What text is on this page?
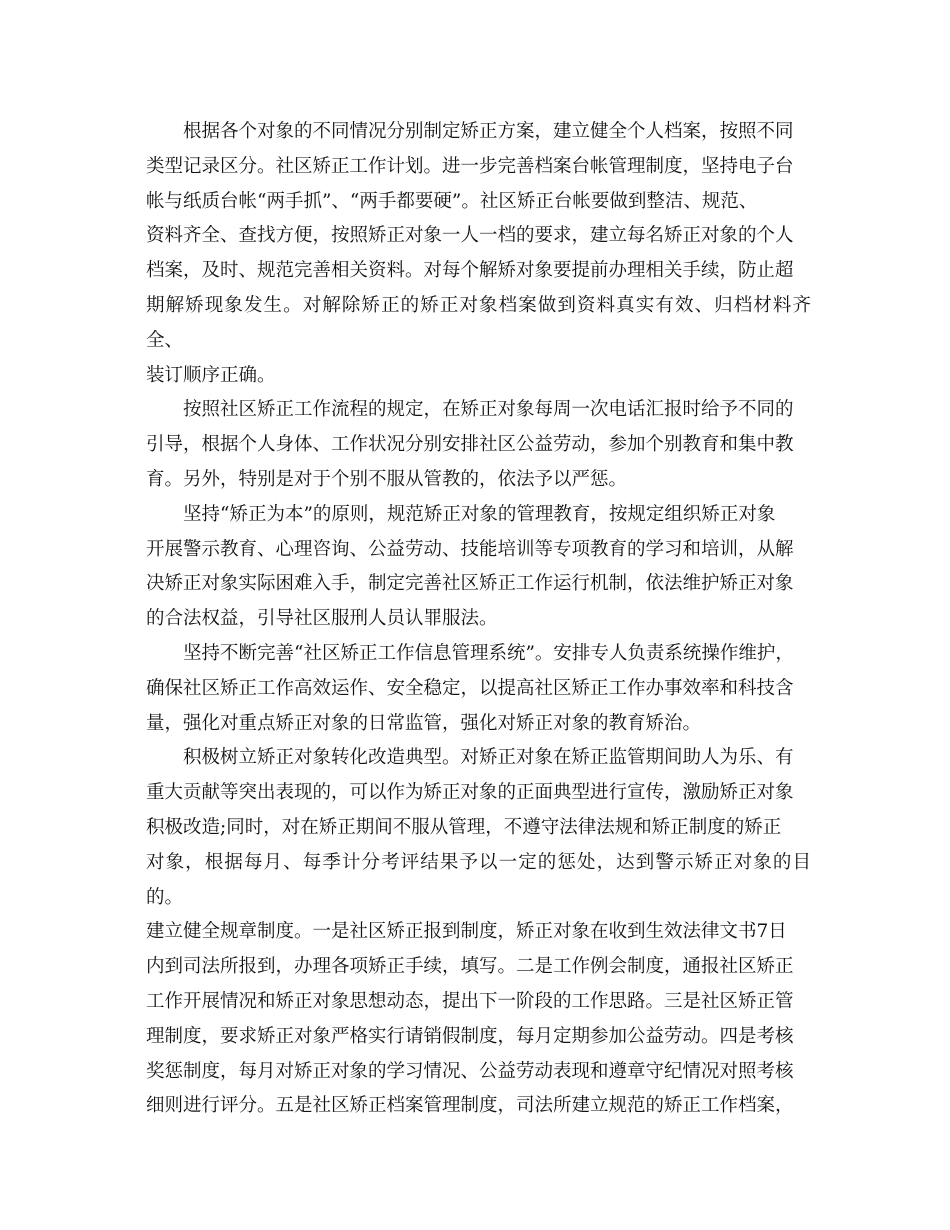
　　根据各个对象的不同情况分别制定矫正方案，建立健全个人档案，按照不同
类型记录区分。社区矫正工作计划。进一步完善档案台帐管理制度，坚持电子台
帐与纸质台帐“两手抓”、“两手都要硬”。社区矫正台帐要做到整洁、规范、
资料齐全、查找方便，按照矫正对象一人一档的要求，建立每名矫正对象的个人
档案，及时、规范完善相关资料。对每个解矫对象要提前办理相关手续，防止超
期解矫现象发生。对解除矫正的矫正对象档案做到资料真实有效、归档材料齐全、
装订顺序正确。

　　按照社区矫正工作流程的规定，在矫正对象每周一次电话汇报时给予不同的
引导，根据个人身体、工作状况分别安排社区公益劳动，参加个别教育和集中教
育。另外，特别是对于个别不服从管教的，依法予以严惩。

　　坚持“矫正为本”的原则，规范矫正对象的管理教育，按规定组织矫正对象
开展警示教育、心理咨询、公益劳动、技能培训等专项教育的学习和培训，从解
决矫正对象实际困难入手，制定完善社区矫正工作运行机制，依法维护矫正对象
的合法权益，引导社区服刑人员认罪服法。

　　坚持不断完善“社区矫正工作信息管理系统”。安排专人负责系统操作维护，
确保社区矫正工作高效运作、安全稳定，以提高社区矫正工作办事效率和科技含
量，强化对重点矫正对象的日常监管，强化对矫正对象的教育矫治。

　　积极树立矫正对象转化改造典型。对矫正对象在矫正监管期间助人为乐、有
重大贡献等突出表现的，可以作为矫正对象的正面典型进行宣传，激励矫正对象
积极改造;同时，对在矫正期间不服从管理，不遵守法律法规和矫正制度的矫正
对象，根据每月、每季计分考评结果予以一定的惩处，达到警示矫正对象的目的。
建立健全规章制度。一是社区矫正报到制度，矫正对象在收到生效法律文书7日
内到司法所报到，办理各项矫正手续，填写。二是工作例会制度，通报社区矫正
工作开展情况和矫正对象思想动态，提出下一阶段的工作思路。三是社区矫正管
理制度，要求矫正对象严格实行请销假制度，每月定期参加公益劳动。四是考核
奖惩制度，每月对矫正对象的学习情况、公益劳动表现和遵章守纪情况对照考核
细则进行评分。五是社区矫正档案管理制度，司法所建立规范的矫正工作档案，
